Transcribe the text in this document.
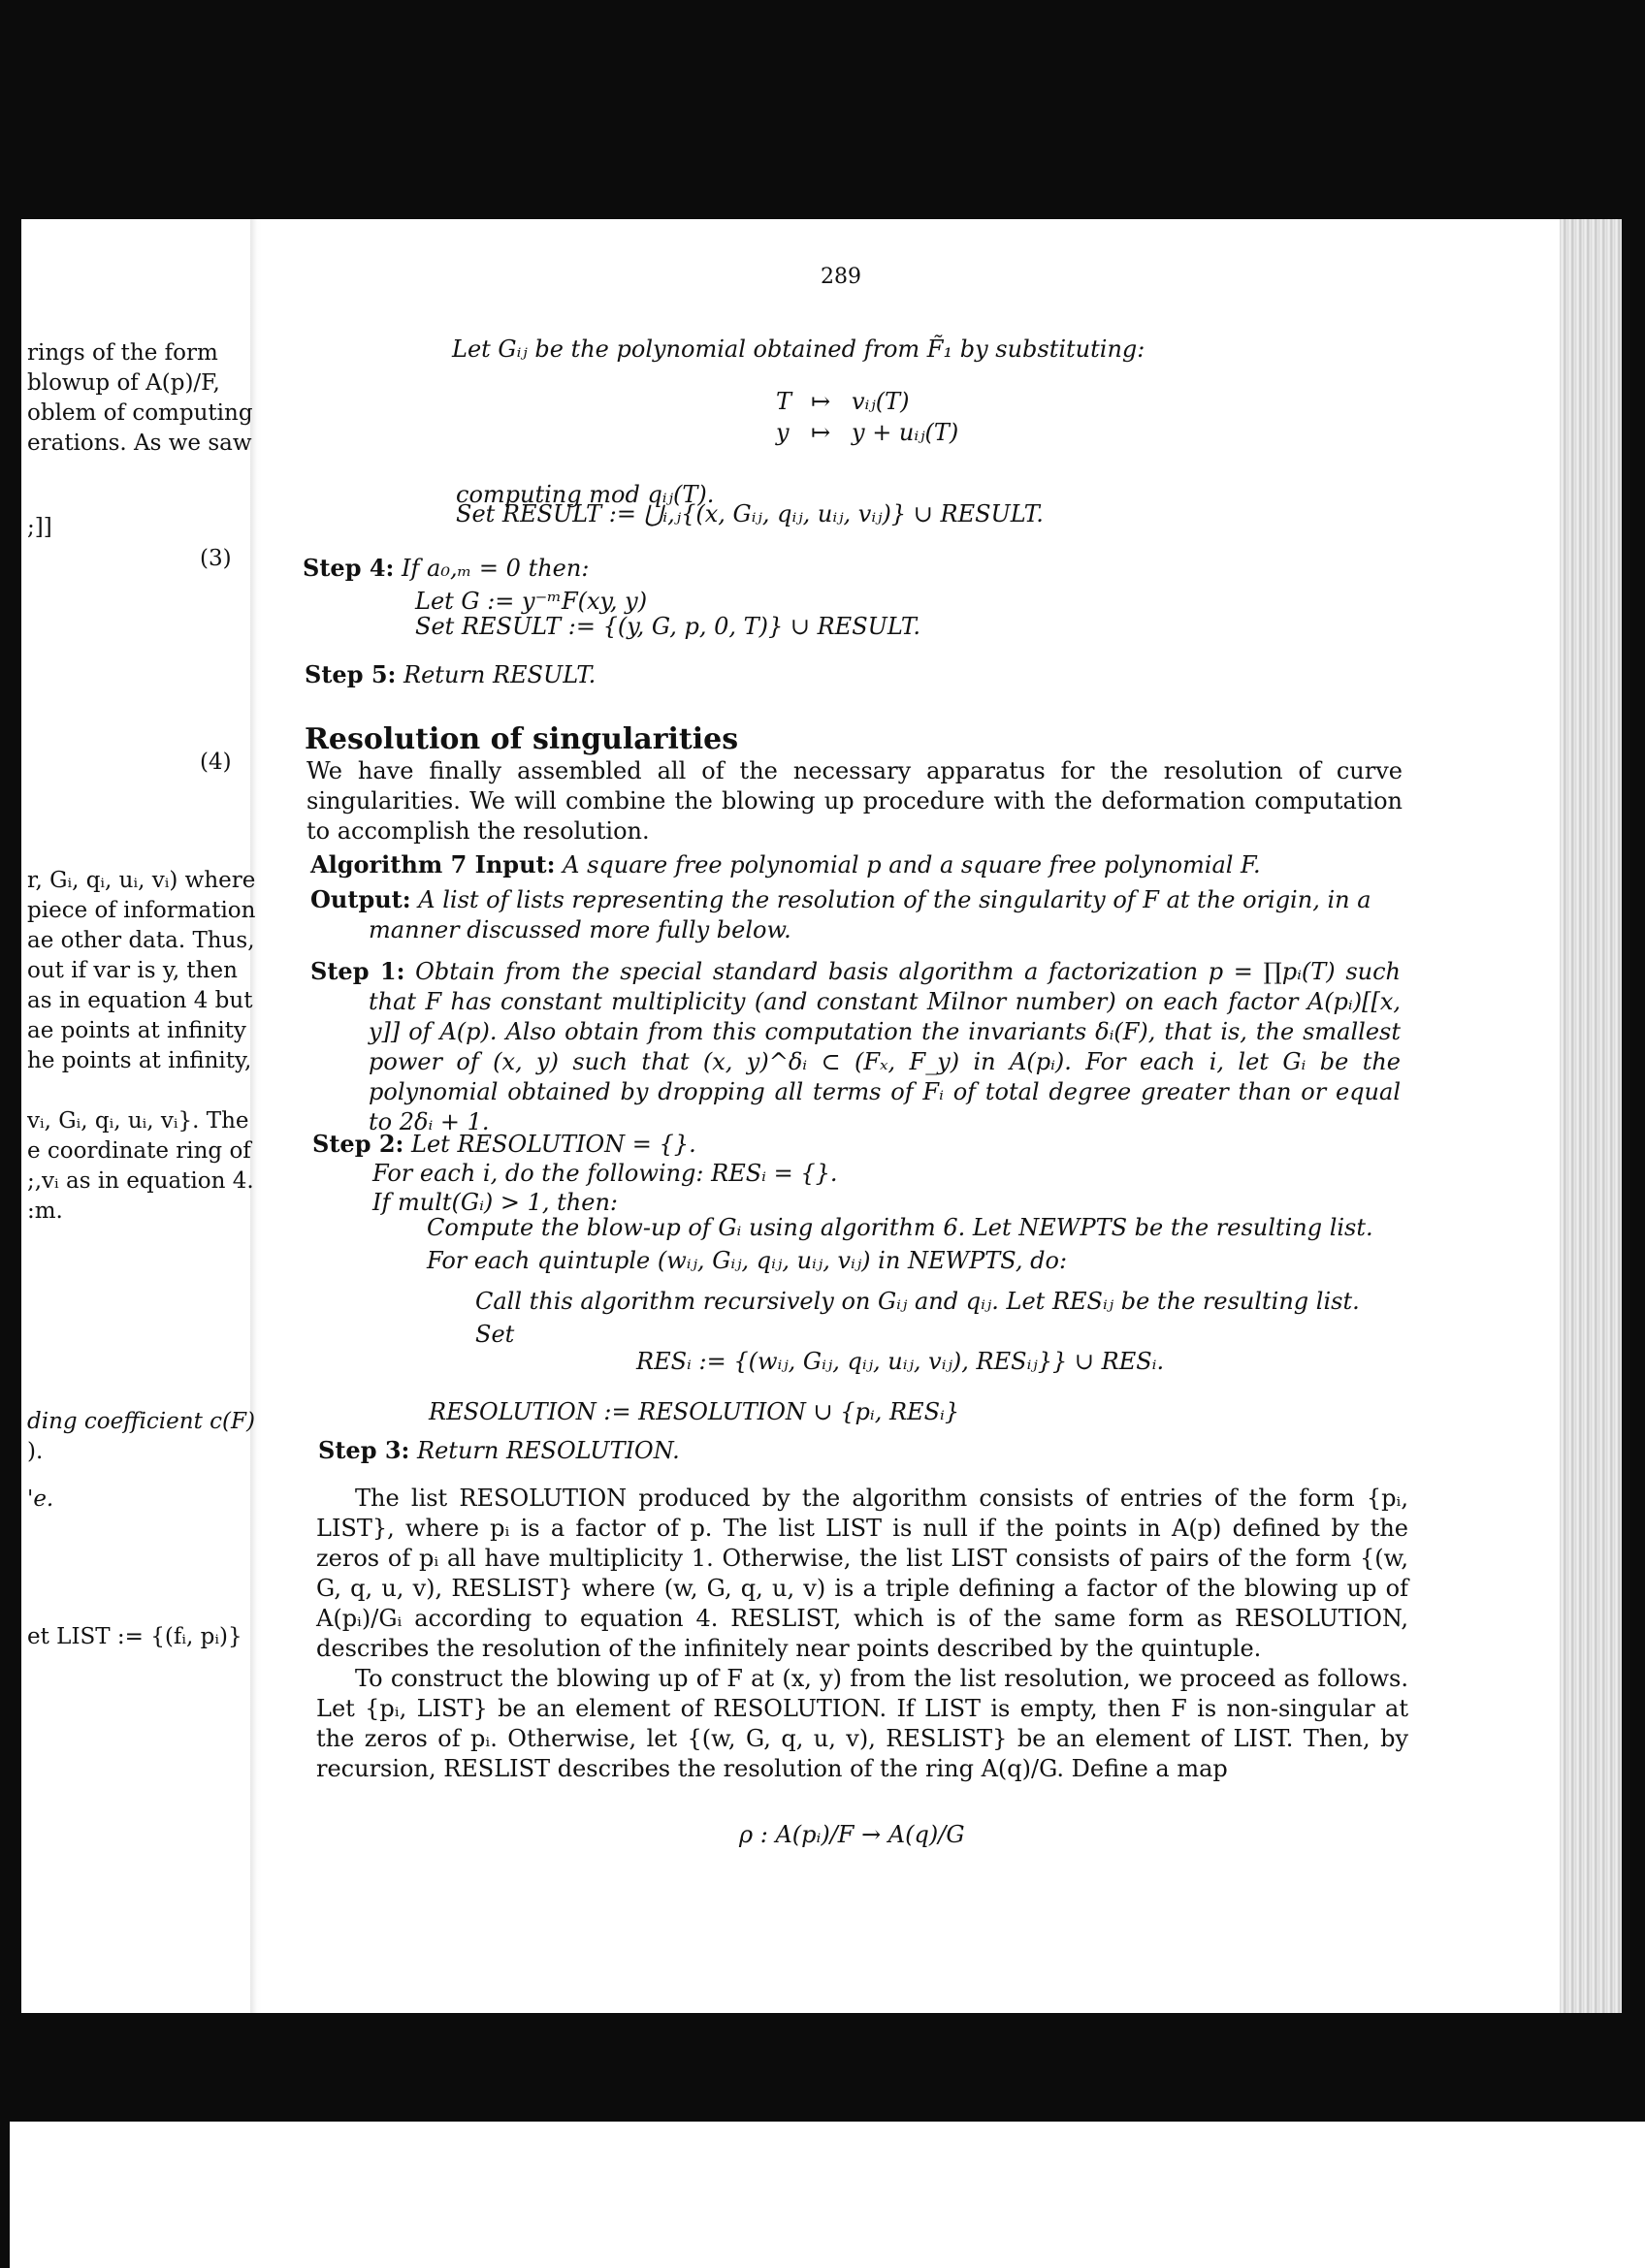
rings of the form
blowup of A(p)/F,
oblem of computing
erations. As we saw
;]]
(3)
(4)
r, Gᵢ, qᵢ, uᵢ, vᵢ) where
piece of information
ae other data. Thus,
out if var is y, then
as in equation 4 but
ae points at infinity
he points at infinity,
vᵢ, Gᵢ, qᵢ, uᵢ, vᵢ}. The
e coordinate ring of
;,vᵢ as in equation 4.
:m.
ding coefficient c(F)
).
'e.
et LIST := {(fᵢ, pᵢ)}
289
Let Gᵢⱼ be the polynomial obtained from F̃₁ by substituting:
T ↦ vᵢⱼ(T)
y ↦ y + uᵢⱼ(T)
computing mod qᵢⱼ(T).
Set RESULT := ⋃ᵢ,ⱼ{(x, Gᵢⱼ, qᵢⱼ, uᵢⱼ, vᵢⱼ)} ∪ RESULT.
Step 4: If a₀,ₘ = 0 then:
Let G := y⁻ᵐF(xy, y)
Set RESULT := {(y, G, p, 0, T)} ∪ RESULT.
Step 5: Return RESULT.
Resolution of singularities
We have finally assembled all of the necessary apparatus for the resolution of curve singularities. We will combine the blowing up procedure with the deformation computation to accomplish the resolution.
Algorithm 7 Input: A square free polynomial p and a square free polynomial F.
Output: A list of lists representing the resolution of the singularity of F at the origin, in a manner discussed more fully below.
Step 1: Obtain from the special standard basis algorithm a factorization p = ∏pᵢ(T) such that F has constant multiplicity (and constant Milnor number) on each factor A(pᵢ)[[x, y]] of A(p). Also obtain from this computation the invariants δᵢ(F), that is, the smallest power of (x, y) such that (x, y)^δᵢ ⊂ (Fₓ, F_y) in A(pᵢ). For each i, let Gᵢ be the polynomial obtained by dropping all terms of Fᵢ of total degree greater than or equal to 2δᵢ + 1.
Step 2: Let RESOLUTION = {}.
For each i, do the following: RESᵢ = {}.
If mult(Gᵢ) > 1, then:
Compute the blow-up of Gᵢ using algorithm 6. Let NEWPTS be the resulting list.
For each quintuple (wᵢⱼ, Gᵢⱼ, qᵢⱼ, uᵢⱼ, vᵢⱼ) in NEWPTS, do:
Call this algorithm recursively on Gᵢⱼ and qᵢⱼ. Let RESᵢⱼ be the resulting list.
Set
RESᵢ := {(wᵢⱼ, Gᵢⱼ, qᵢⱼ, uᵢⱼ, vᵢⱼ), RESᵢⱼ}} ∪ RESᵢ.
RESOLUTION := RESOLUTION ∪ {pᵢ, RESᵢ}
Step 3: Return RESOLUTION.
The list RESOLUTION produced by the algorithm consists of entries of the form {pᵢ, LIST}, where pᵢ is a factor of p. The list LIST is null if the points in A(p) defined by the zeros of pᵢ all have multiplicity 1. Otherwise, the list LIST consists of pairs of the form {(w, G, q, u, v), RESLIST} where (w, G, q, u, v) is a triple defining a factor of the blowing up of A(pᵢ)/Gᵢ according to equation 4. RESLIST, which is of the same form as RESOLUTION, describes the resolution of the infinitely near points described by the quintuple.
To construct the blowing up of F at (x, y) from the list resolution, we proceed as follows. Let {pᵢ, LIST} be an element of RESOLUTION. If LIST is empty, then F is non-singular at the zeros of pᵢ. Otherwise, let {(w, G, q, u, v), RESLIST} be an element of LIST. Then, by recursion, RESLIST describes the resolution of the ring A(q)/G. Define a map
ρ : A(pᵢ)/F → A(q)/G
